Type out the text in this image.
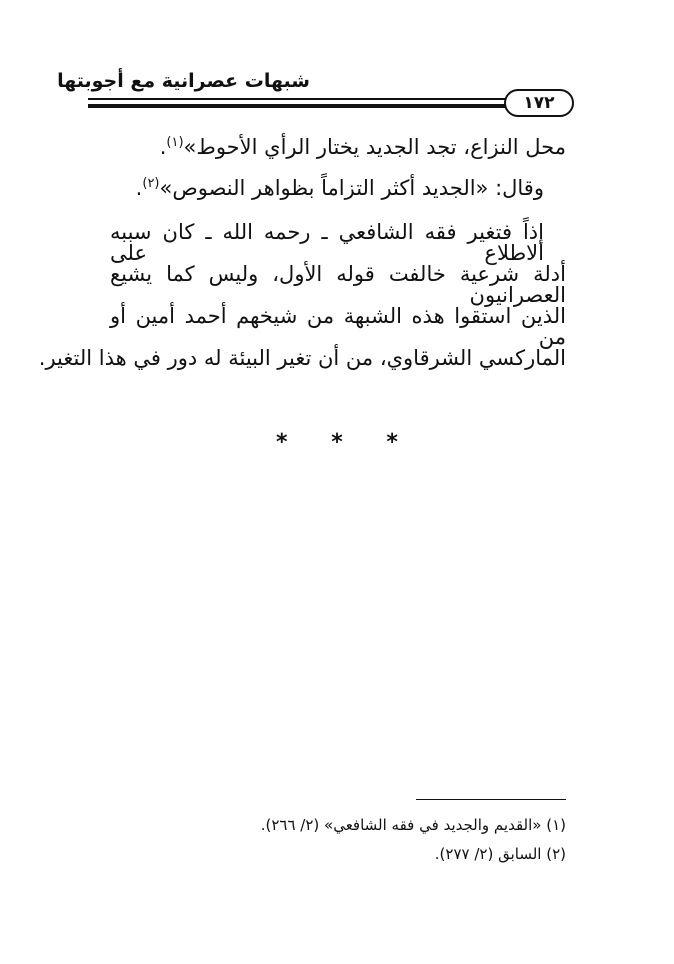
شبهات عصرانية مع أجوبتها
١٧٢
محل النزاع، تجد الجديد يختار الرأي الأحوط»$^{(١)}$.
وقال: «الجديد أكثر التزاماً بظواهر النصوص»$^{(٢)}$.
إذاً فتغير فقه الشافعي ـ رحمه الله ـ كان سببه الاطلاع على
أدلة شرعية خالفت قوله الأول، وليس كما يشيع العصرانيون
الذين استقوا هذه الشبهة من شيخهم أحمد أمين أو من
الماركسي الشرقاوي، من أن تغير البيئة له دور في هذا التغير.
* * *
(١) «القديم والجديد في فقه الشافعي» (٢/ ٢٦٦).
(٢) السابق (٢/ ٢٧٧).
